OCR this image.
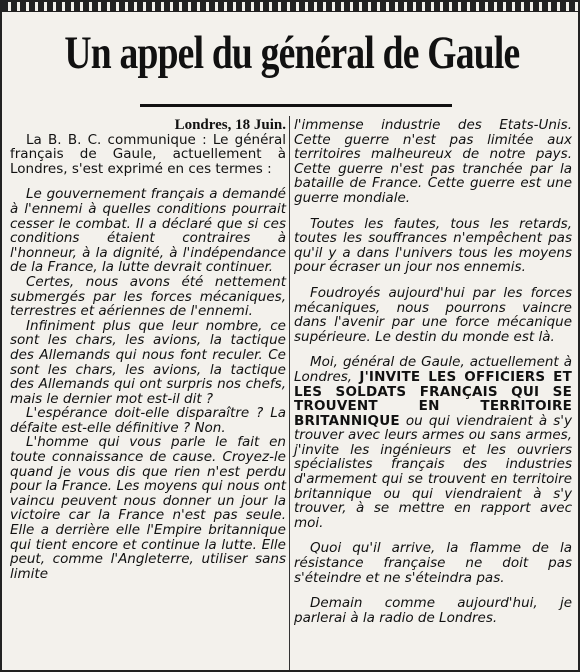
Un appel du général de Gaule

Londres, 18 Juin.

La B. B. C. communique : Le général français de Gaule, actuellement à Londres, s'est exprimé en ces termes :

Le gouvernement français a demandé à l'ennemi à quelles conditions pourrait cesser le combat. Il a déclaré que si ces conditions étaient contraires à l'honneur, à la dignité, à l'indépendance de la France, la lutte devrait continuer.

Certes, nous avons été nettement submergés par les forces mécaniques, terrestres et aériennes de l'ennemi.

Infiniment plus que leur nombre, ce sont les chars, les avions, la tactique des Allemands qui nous font reculer. Ce sont les chars, les avions, la tactique des Allemands qui ont surpris nos chefs, mais le dernier mot est-il dit ?

L'espérance doit-elle disparaître ? La défaite est-elle définitive ? Non.

L'homme qui vous parle le fait en toute connaissance de cause. Croyez-le quand je vous dis que rien n'est perdu pour la France. Les moyens qui nous ont vaincu peuvent nous donner un jour la victoire car la France n'est pas seule. Elle a derrière elle l'Empire britannique qui tient encore et continue la lutte. Elle peut, comme l'Angleterre, utiliser sans limite

l'immense industrie des Etats-Unis. Cette guerre n'est pas limitée aux territoires malheureux de notre pays. Cette guerre n'est pas tranchée par la bataille de France. Cette guerre est une guerre mondiale.

Toutes les fautes, tous les retards, toutes les souffrances n'empêchent pas qu'il y a dans l'univers tous les moyens pour écraser un jour nos ennemis.

Foudroyés aujourd'hui par les forces mécaniques, nous pourrons vaincre dans l'avenir par une force mécanique supérieure. Le destin du monde est là.

Moi, général de Gaule, actuellement à Londres, J'INVITE LES OFFICIERS ET LES SOLDATS FRANÇAIS QUI SE TROUVENT EN TERRITOIRE BRITANNIQUE ou qui viendraient à s'y trouver avec leurs armes ou sans armes, j'invite les ingénieurs et les ouvriers spécialistes français des industries d'armement qui se trouvent en territoire britannique ou qui viendraient à s'y trouver, à se mettre en rapport avec moi.

Quoi qu'il arrive, la flamme de la résistance française ne doit pas s'éteindre et ne s'éteindra pas.

Demain comme aujourd'hui, je parlerai à la radio de Londres.
